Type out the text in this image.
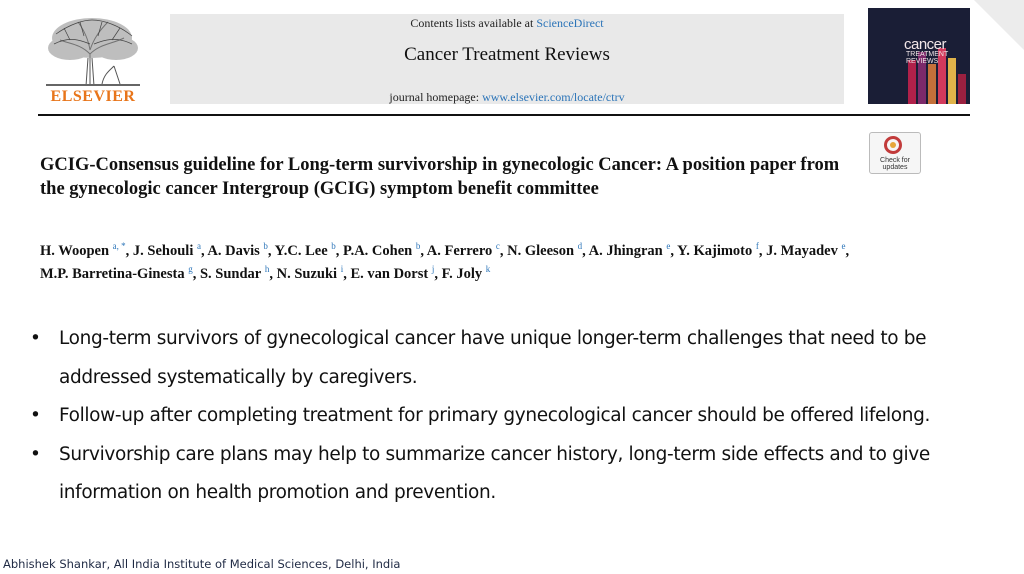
ELSEVIER
Contents lists available at ScienceDirect
Cancer Treatment Reviews
journal homepage: www.elsevier.com/locate/ctrv
cancer
TREATMENT REVIEWS
Check for updates
GCIG-Consensus guideline for Long-term survivorship in gynecologic Cancer: A position paper from the gynecologic cancer Intergroup (GCIG) symptom benefit committee
H. Woopen $^{a, *}$, J. Sehouli $^a$, A. Davis $^b$, Y.C. Lee $^b$, P.A. Cohen $^b$, A. Ferrero $^c$, N. Gleeson $^d$, A. Jhingran $^e$, Y. Kajimoto $^f$, J. Mayadev $^e$, M.P. Barretina-Ginesta $^g$, S. Sundar $^h$, N. Suzuki $^i$, E. van Dorst $^j$, F. Joly $^k$
• Long-term survivors of gynecological cancer have unique longer-term challenges that need to be addressed systematically by caregivers.
• Follow-up after completing treatment for primary gynecological cancer should be offered lifelong.
• Survivorship care plans may help to summarize cancer history, long-term side effects and to give information on health promotion and prevention.
Abhishek Shankar, All India Institute of Medical Sciences, Delhi, India
